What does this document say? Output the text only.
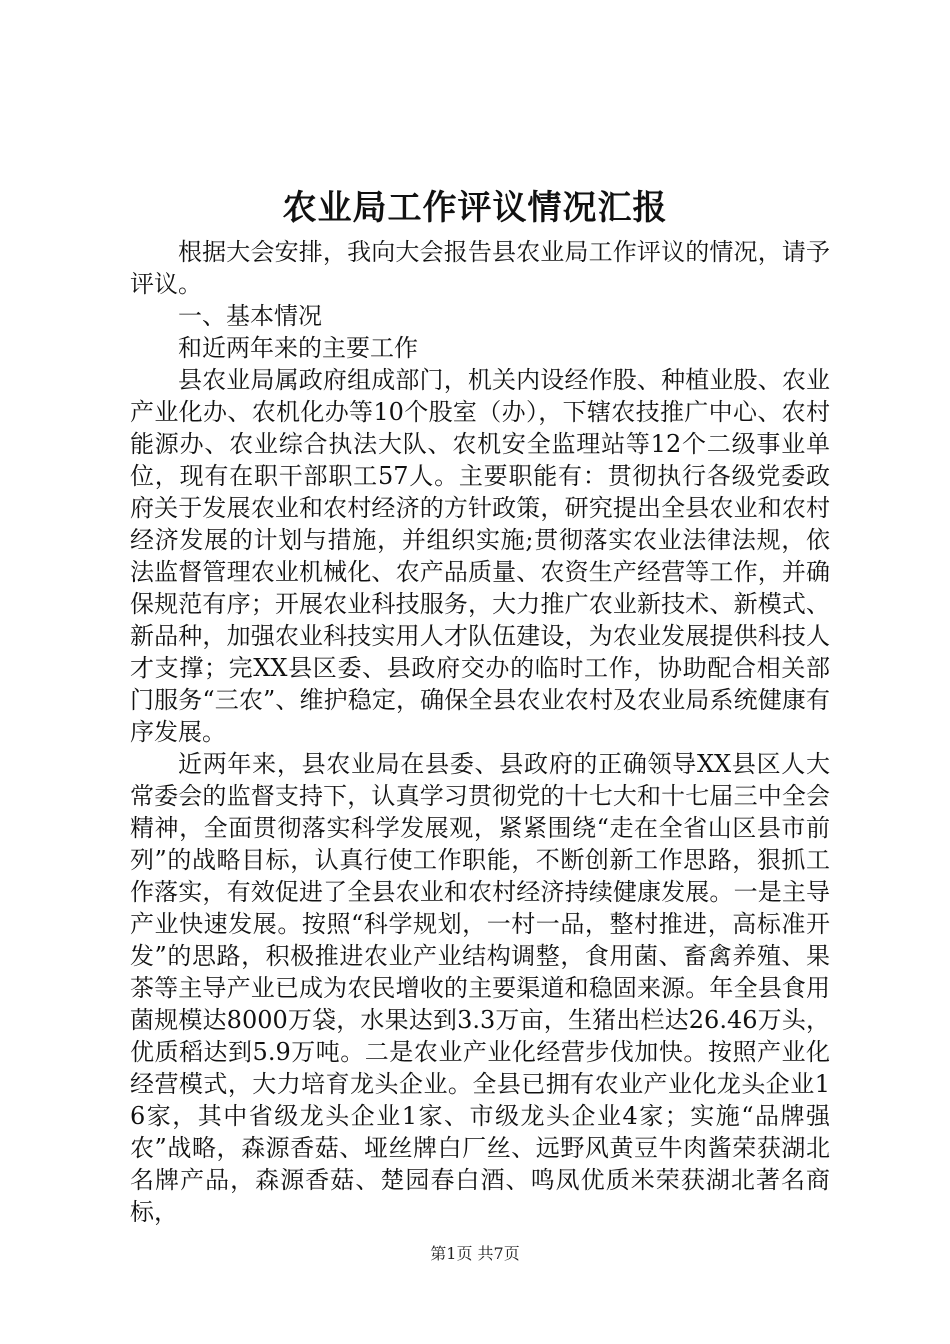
农业局工作评议情况汇报

根据大会安排，我向大会报告县农业局工作评议的情况，请予评议。

一、基本情况

和近两年来的主要工作

县农业局属政府组成部门，机关内设经作股、种植业股、农业产业化办、农机化办等10个股室（办），下辖农技推广中心、农村能源办、农业综合执法大队、农机安全监理站等12个二级事业单位，现有在职干部职工57人。主要职能有：贯彻执行各级党委政府关于发展农业和农村经济的方针政策，研究提出全县农业和农村经济发展的计划与措施，并组织实施;贯彻落实农业法律法规，依法监督管理农业机械化、农产品质量、农资生产经营等工作，并确保规范有序；开展农业科技服务，大力推广农业新技术、新模式、新品种，加强农业科技实用人才队伍建设，为农业发展提供科技人才支撑；完XX县区委、县政府交办的临时工作，协助配合相关部门服务“三农”、维护稳定，确保全县农业农村及农业局系统健康有序发展。

近两年来，县农业局在县委、县政府的正确领导XX县区人大常委会的监督支持下，认真学习贯彻党的十七大和十七届三中全会精神，全面贯彻落实科学发展观，紧紧围绕“走在全省山区县市前列”的战略目标，认真行使工作职能，不断创新工作思路，狠抓工作落实，有效促进了全县农业和农村经济持续健康发展。一是主导产业快速发展。按照“科学规划，一村一品，整村推进，高标准开发”的思路，积极推进农业产业结构调整，食用菌、畜禽养殖、果茶等主导产业已成为农民增收的主要渠道和稳固来源。年全县食用菌规模达8000万袋，水果达到3.3万亩，生猪出栏达26.46万头，优质稻达到5.9万吨。二是农业产业化经营步伐加快。按照产业化经营模式，大力培育龙头企业。全县已拥有农业产业化龙头企业16家，其中省级龙头企业1家、市级龙头企业4家；实施“品牌强农”战略，森源香菇、垭丝牌白厂丝、远野风黄豆牛肉酱荣获湖北名牌产品，森源香菇、楚园春白酒、鸣凤优质米荣获湖北著名商标，

第1页 共7页
